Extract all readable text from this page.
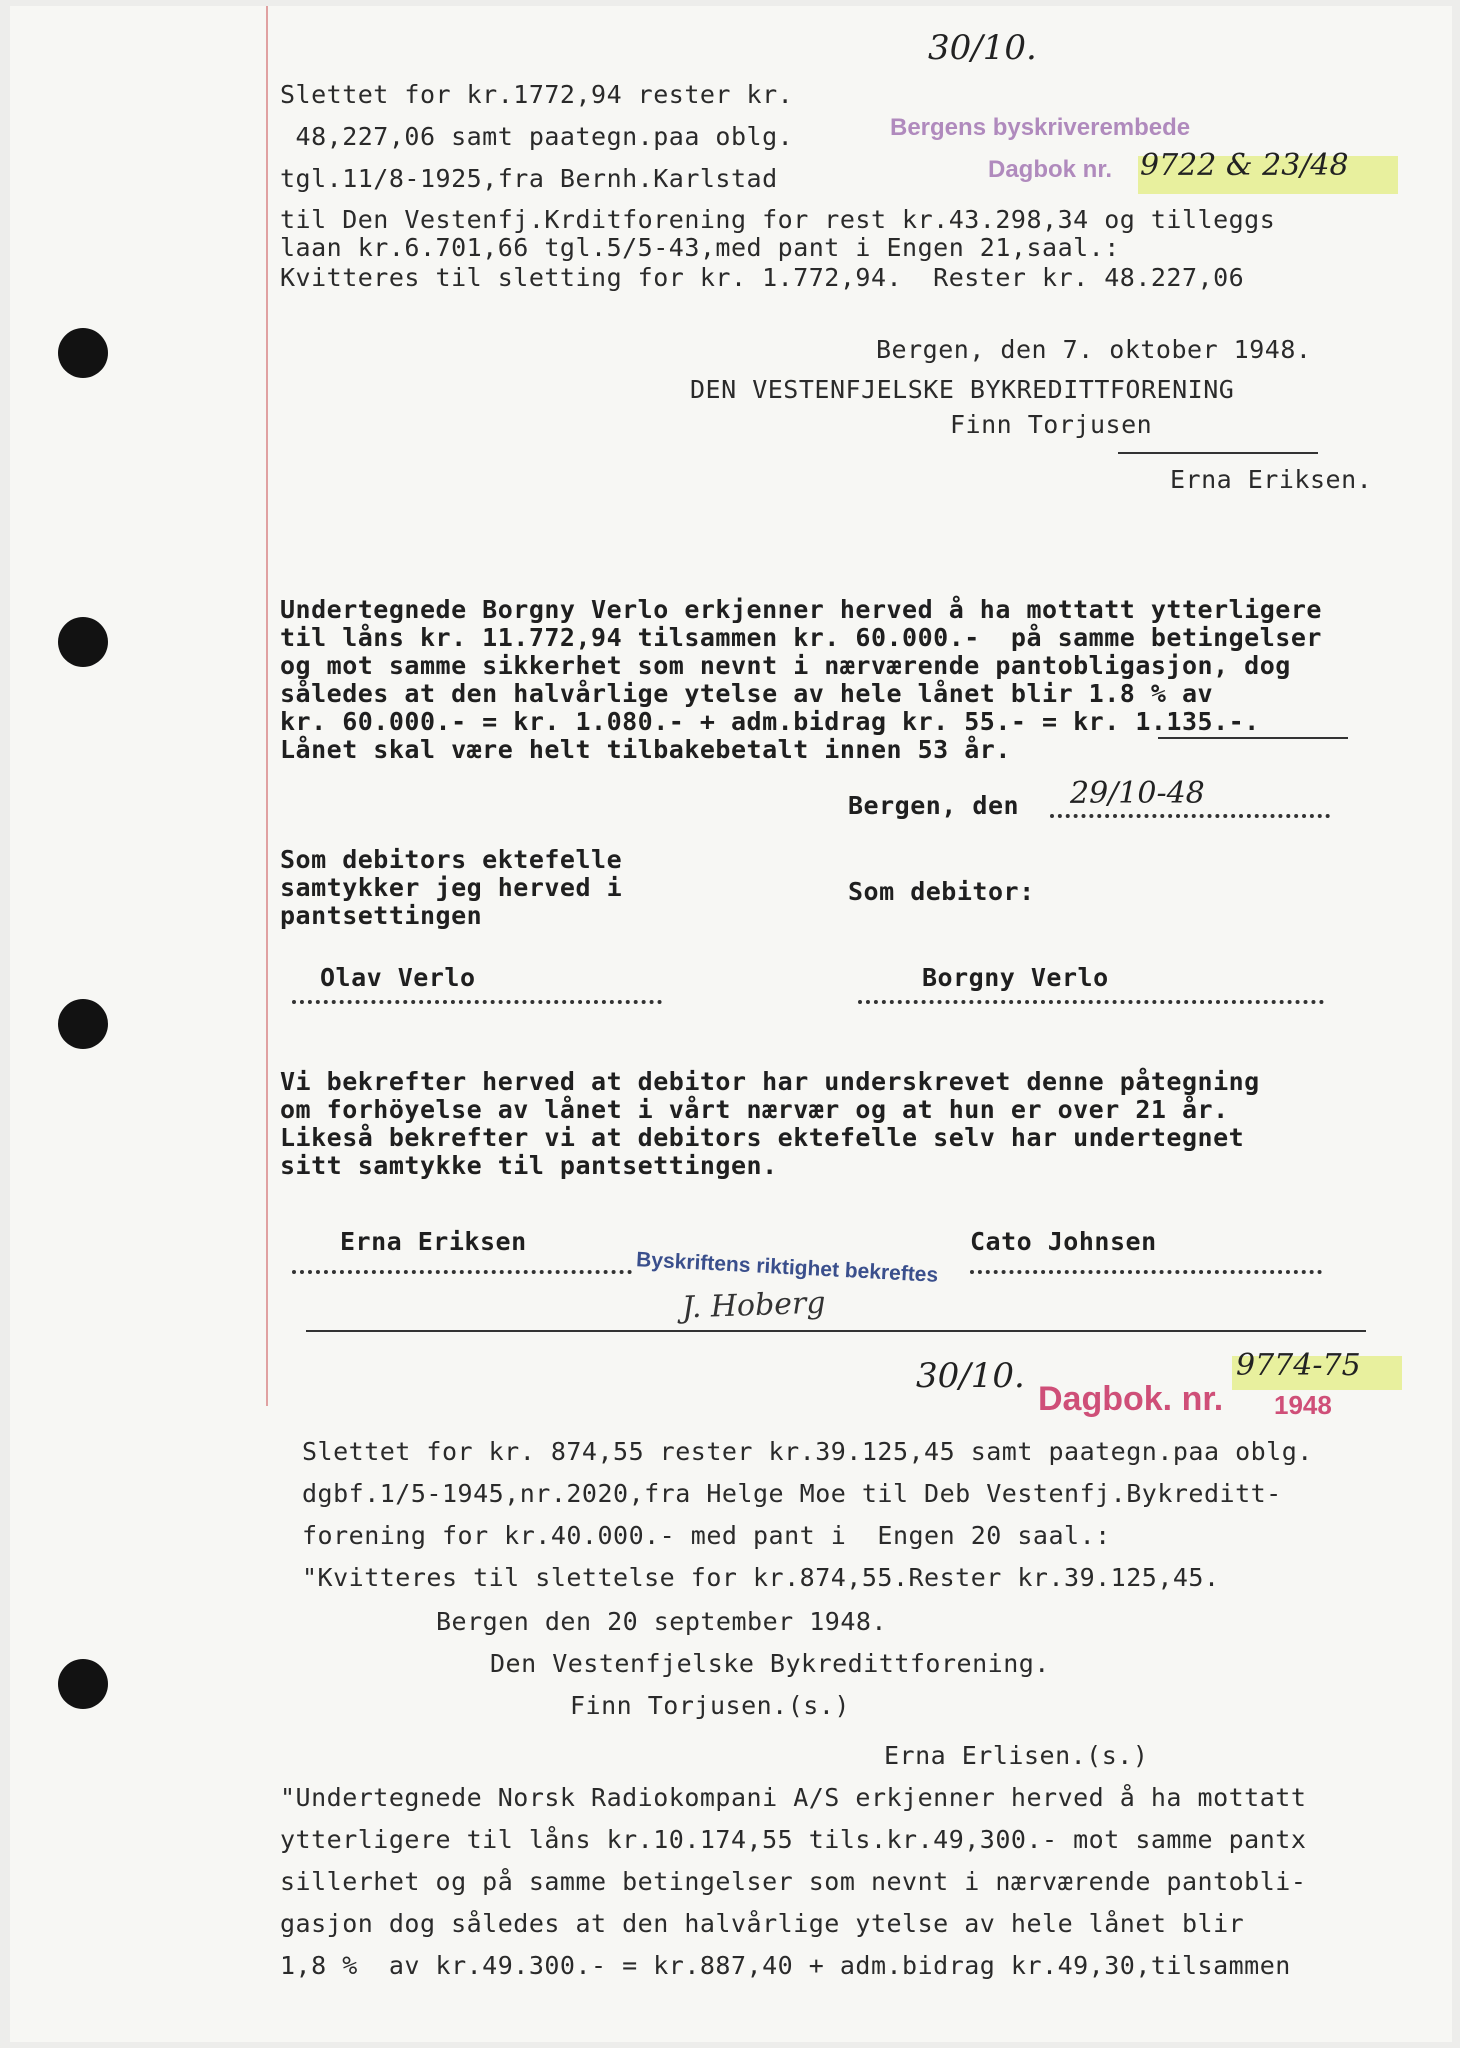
30/10.
Bergens byskriverembede
Dagbok nr. 9722 & 23/48
Slettet for kr.1772,94 rester kr.
48,227,06 samt paategn.paa oblg.
tgl.11/8-1925,fra Bernh.Karlstad
til Den Vestenfj.Krditforening for rest kr.43.298,34 og tilleggs
laan kr.6.701,66 tgl.5/5-43,med pant i Engen 21,saal.:
Kvitteres til sletting for kr. 1.772,94.  Rester kr. 48.227,06
Bergen, den 7. oktober 1948.
DEN VESTENFJELSKE BYKREDITTFORENING
Finn Torjusen
Erna Eriksen.
Undertegnede Borgny Verlo erkjenner herved å ha mottatt ytterligere
til låns kr. 11.772,94 tilsammen kr. 60.000.-  på samme betingelser
og mot samme sikkerhet som nevnt i nærværende pantobligasjon, dog
således at den halvårlige ytelse av hele lånet blir 1.8 % av
kr. 60.000.- = kr. 1.080.- + adm.bidrag kr. 55.- = kr. 1.135.-.
Lånet skal være helt tilbakebetalt innen 53 år.
Bergen, den 29/10-48
Som debitors ektefelle
samtykker jeg herved i
pantsettingen
Som debitor:
Olav Verlo	Borgny Verlo
Vi bekrefter herved at debitor har underskrevet denne påtegning
om forhöyelse av lånet i vårt nærvær og at hun er over 21 år.
Likeså bekrefter vi at debitors ektefelle selv har undertegnet
sitt samtykke til pantsettingen.
Erna Eriksen	Cato Johnsen
Byskriftens riktighet bekreftes
J. Hoberg
30/10.
Dagbok. nr. 1948
9774-75
Slettet for kr. 874,55 rester kr.39.125,45 samt paategn.paa oblg.
dgbf.1/5-1945,nr.2020,fra Helge Moe til Deb Vestenfj.Bykreditt-
forening for kr.40.000.- med pant i  Engen 20 saal.:
"Kvitteres til slettelse for kr.874,55.Rester kr.39.125,45.
Bergen den 20 september 1948.
Den Vestenfjelske Bykredittforening.
Finn Torjusen.(s.)
Erna Erlisen.(s.)
"Undertegnede Norsk Radiokompani A/S erkjenner herved å ha mottatt
ytterligere til låns kr.10.174,55 tils.kr.49,300.- mot samme pantx
sillerhet og på samme betingelser som nevnt i nærværende pantobli-
gasjon dog således at den halvårlige ytelse av hele lånet blir
1,8 %  av kr.49.300.- = kr.887,40 + adm.bidrag kr.49,30,tilsammen
